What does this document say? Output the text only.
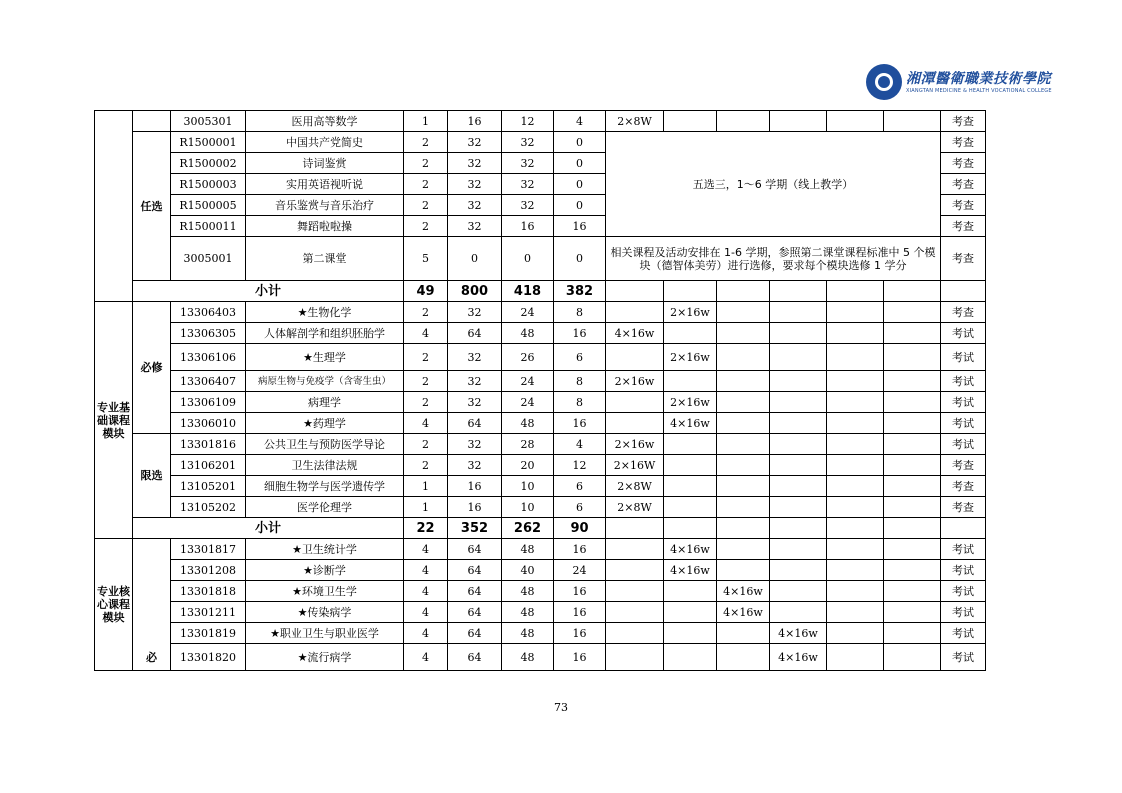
湘潭醫衛職業技術學院
XIANGTAN MEDICINE & HEALTH VOCATIONAL COLLEGE
		3005301	医用高等数学	1	16	12	4	2×8W						考查
	任选	R1500001	中国共产党简史	2	32	32	0	五选三，1～6 学期（线上教学）						考查
		R1500002	诗词鉴赏	2	32	32	0							考查
		R1500003	实用英语视听说	2	32	32	0							考查
		R1500005	音乐鉴赏与音乐治疗	2	32	32	0							考查
		R1500011	舞蹈啦啦操	2	32	16	16							考查
		3005001	第二课堂	5	0	0	0	相关课程及活动安排在 1-6 学期，参照第二课堂课程标准中 5 个模块（德智体美劳）进行选修，要求每个模块选修 1 学分						考查
	小计			49	800	418	382							
专业基础课程模块	必修	13306403	★生物化学	2	32	24	8		2×16w					考查
		13306305	人体解剖学和组织胚胎学	4	64	48	16	4×16w						考试
		13306106	★生理学	2	32	26	6		2×16w					考试
		13306407	病原生物与免疫学（含寄生虫）	2	32	24	8	2×16w						考试
		13306109	病理学	2	32	24	8		2×16w					考试
		13306010	★药理学	4	64	48	16		4×16w					考试
	限选	13301816	公共卫生与预防医学导论	2	32	28	4	2×16w						考试
		13106201	卫生法律法规	2	32	20	12	2×16W						考查
		13105201	细胞生物学与医学遗传学	1	16	10	6	2×8W						考查
		13105202	医学伦理学	1	16	10	6	2×8W						考查
	小计			22	352	262	90							
专业核心课程模块	必	13301817	★卫生统计学	4	64	48	16		4×16w					考试
		13301208	★诊断学	4	64	40	24		4×16w					考试
		13301818	★环境卫生学	4	64	48	16			4×16w				考试
		13301211	★传染病学	4	64	48	16			4×16w				考试
		13301819	★职业卫生与职业医学	4	64	48	16				4×16w			考试
		13301820	★流行病学	4	64	48	16				4×16w			考试
73
